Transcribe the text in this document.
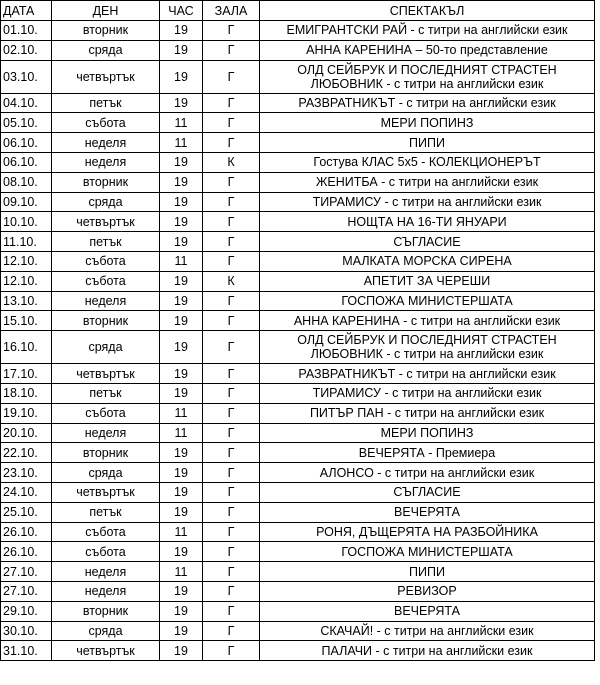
ДАТА	ДЕН	ЧАС	ЗАЛА	СПЕКТАКЪЛ
01.10.	вторник	19	Г	ЕМИГРАНТСКИ РАЙ - с титри на английски език
02.10.	сряда	19	Г	АННА КАРЕНИНА – 50-то представление
03.10.	четвъртък	19	Г	ОЛД СЕЙБРУК И ПОСЛЕДНИЯТ СТРАСТЕН ЛЮБОВНИК - с титри на английски език
04.10.	петък	19	Г	РАЗВРАТНИКЪТ - с титри на английски език
05.10.	събота	11	Г	МЕРИ ПОПИНЗ
06.10.	неделя	11	Г	ПИПИ
06.10.	неделя	19	К	Гостува КЛАС 5х5 - КОЛЕКЦИОНЕРЪТ
08.10.	вторник	19	Г	ЖЕНИТБА - с титри на английски език
09.10.	сряда	19	Г	ТИРАМИСУ - с титри на английски език
10.10.	четвъртък	19	Г	НОЩТА НА 16-ТИ ЯНУАРИ
11.10.	петък	19	Г	СЪГЛАСИЕ
12.10.	събота	11	Г	МАЛКАТА МОРСКА СИРЕНА
12.10.	събота	19	К	АПЕТИТ ЗА ЧЕРЕШИ
13.10.	неделя	19	Г	ГОСПОЖА МИНИСТЕРШАТА
15.10.	вторник	19	Г	АННА КАРЕНИНА - с титри на английски език
16.10.	сряда	19	Г	ОЛД СЕЙБРУК И ПОСЛЕДНИЯТ СТРАСТЕН ЛЮБОВНИК - с титри на английски език
17.10.	четвъртък	19	Г	РАЗВРАТНИКЪТ - с титри на английски език
18.10.	петък	19	Г	ТИРАМИСУ - с титри на английски език
19.10.	събота	11	Г	ПИТЪР ПАН - с титри на английски език
20.10.	неделя	11	Г	МЕРИ ПОПИНЗ
22.10.	вторник	19	Г	ВЕЧЕРЯТА - Премиера
23.10.	сряда	19	Г	АЛОНСО - с титри на английски език
24.10.	четвъртък	19	Г	СЪГЛАСИЕ
25.10.	петък	19	Г	ВЕЧЕРЯТА
26.10.	събота	11	Г	РОНЯ, ДЪЩЕРЯТА НА РАЗБОЙНИКА
26.10.	събота	19	Г	ГОСПОЖА МИНИСТЕРШАТА
27.10.	неделя	11	Г	ПИПИ
27.10.	неделя	19	Г	РЕВИЗОР
29.10.	вторник	19	Г	ВЕЧЕРЯТА
30.10.	сряда	19	Г	СКАЧАЙ! - с титри на английски език
31.10.	четвъртък	19	Г	ПАЛАЧИ - с титри на английски език
